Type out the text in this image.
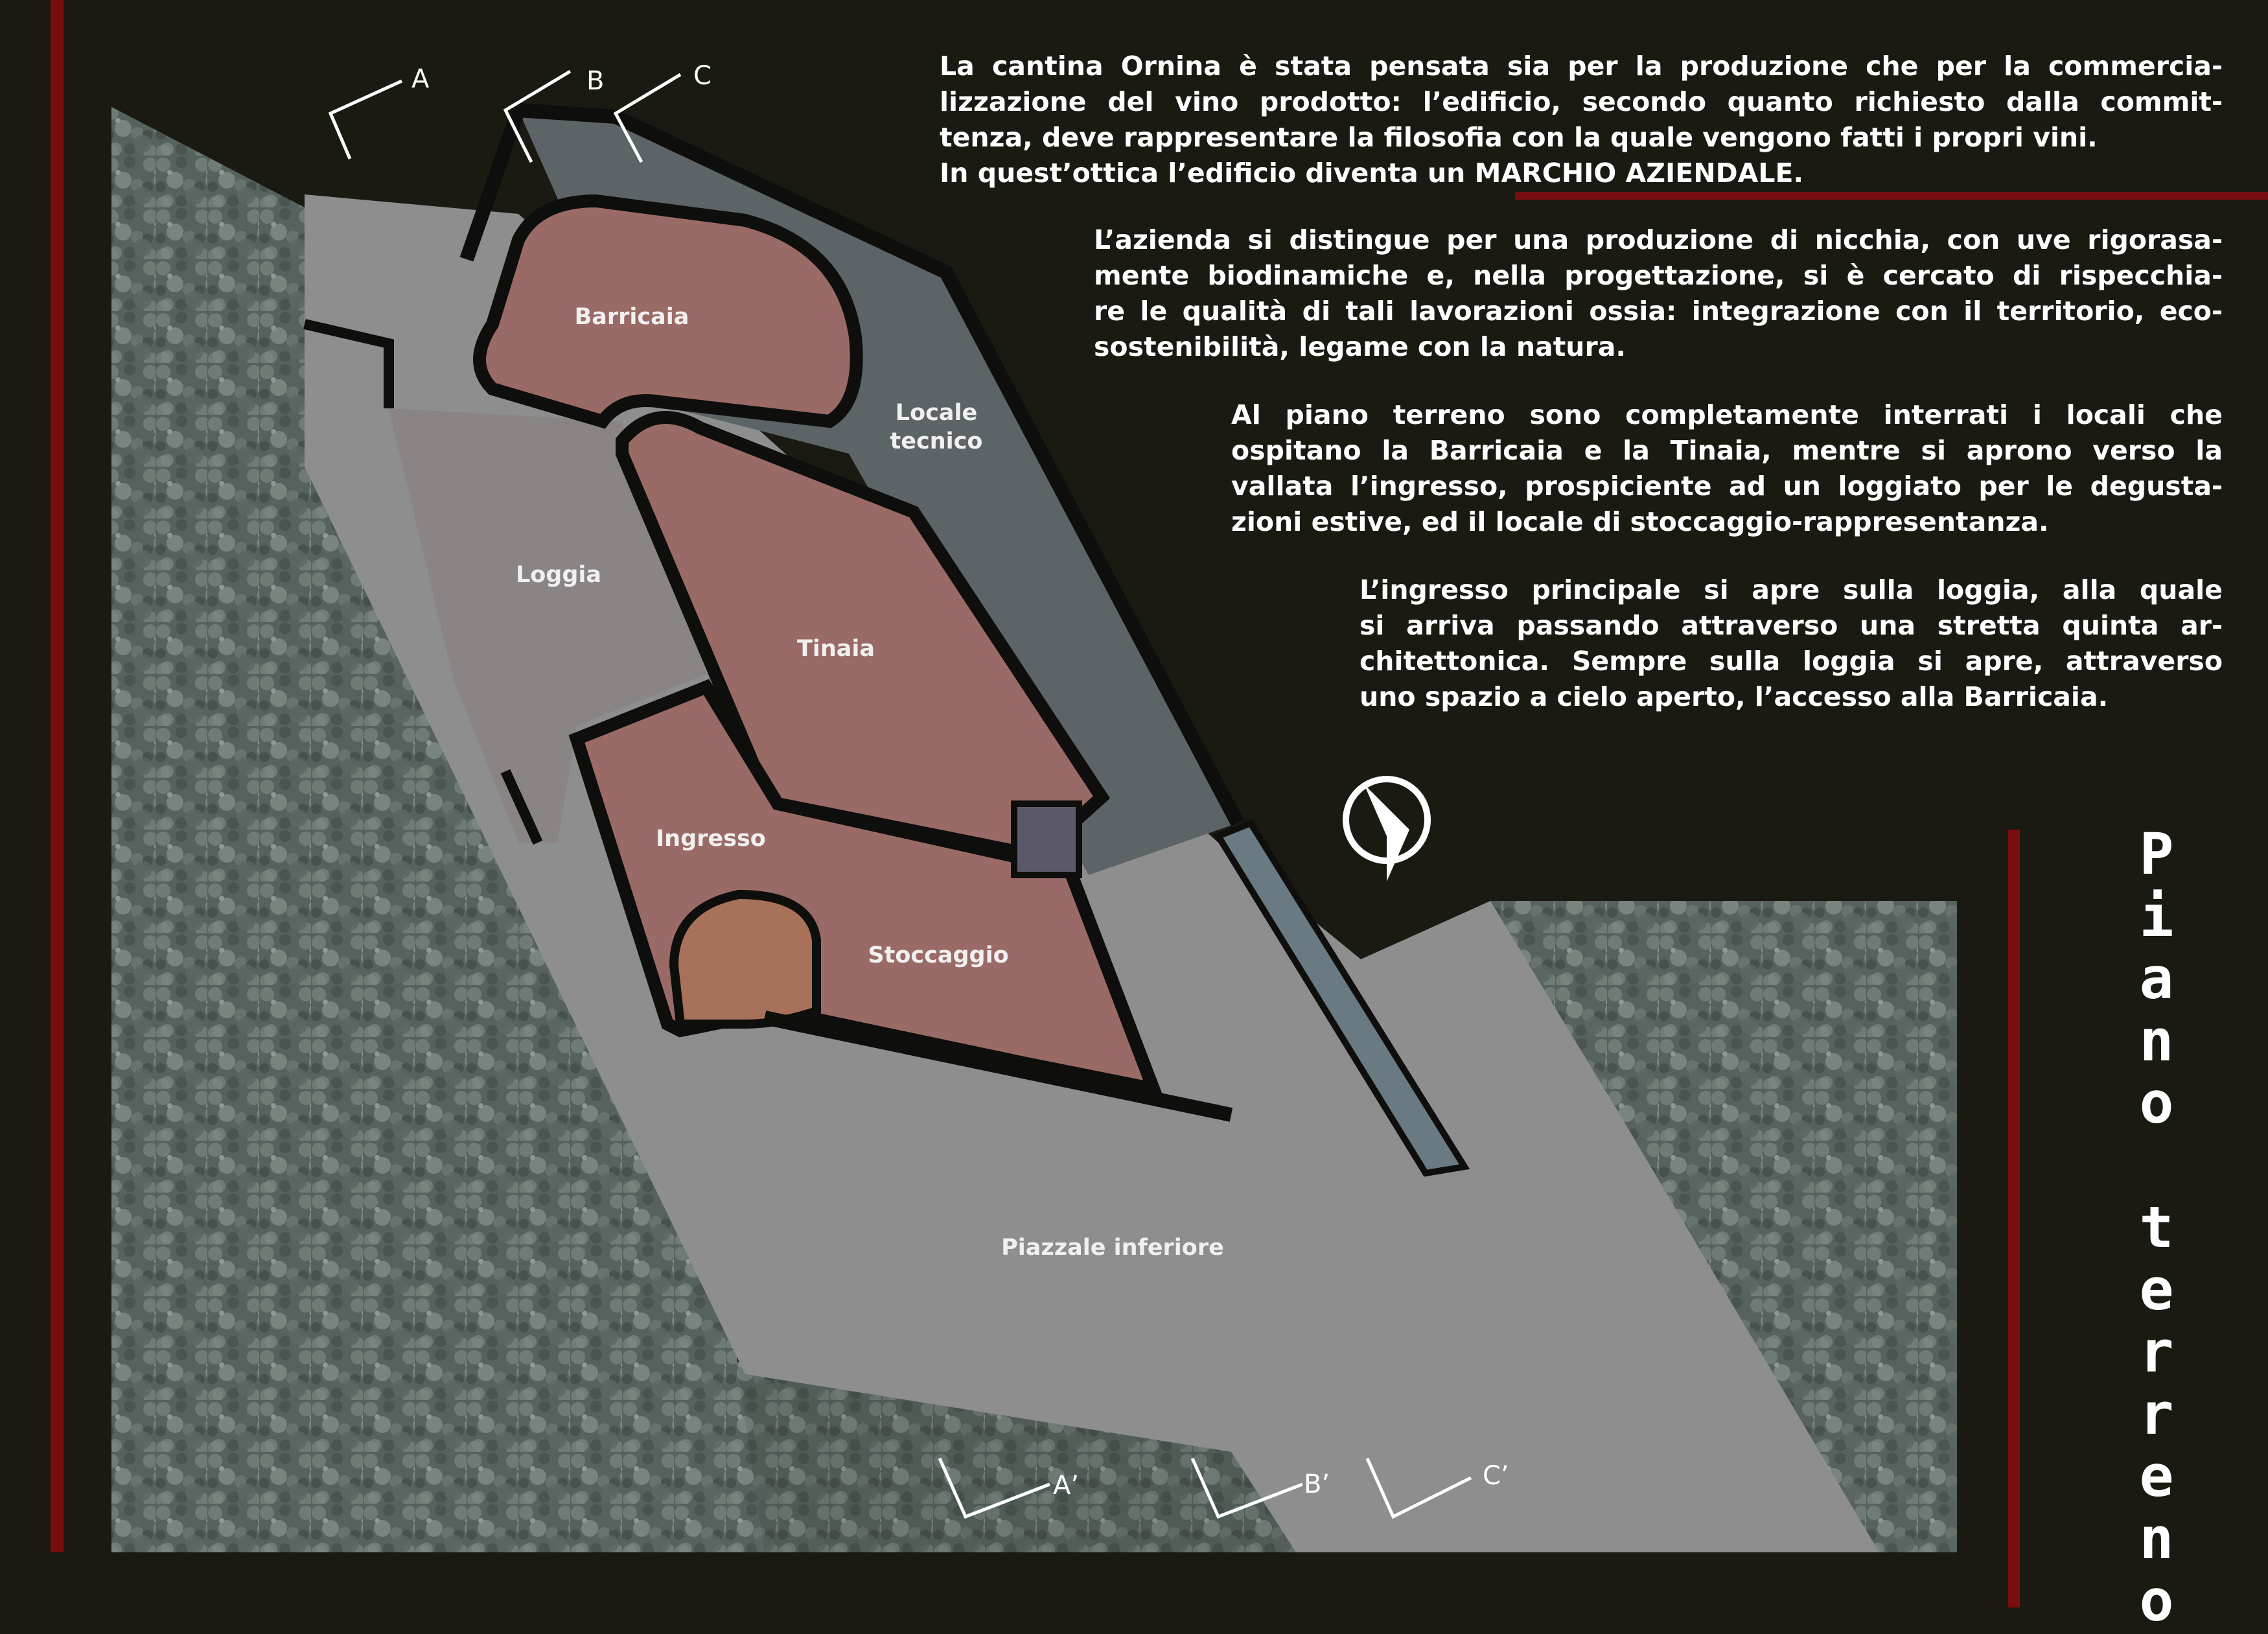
Barricaia
Locale
tecnico
Loggia
Tinaia
Ingresso
Stoccaggio
Piazzale inferiore
A	B	C
A’	B’	C’
La cantina Ornina è stata pensata sia per la produzione che per la commercia-
lizzazione del vino prodotto: l’edificio, secondo quanto richiesto dalla commit-
tenza, deve rappresentare la filosofia con la quale vengono fatti i propri vini.
In quest’ottica l’edificio diventa un MARCHIO AZIENDALE.
L’azienda si distingue per una produzione di nicchia, con uve rigorasa-
mente biodinamiche e, nella progettazione, si è cercato di rispecchia-
re le qualità di tali lavorazioni ossia: integrazione con il territorio, eco-
sostenibilità, legame con la natura.
Al piano terreno sono completamente interrati i locali che
ospitano la Barricaia e la Tinaia, mentre si aprono verso la
vallata l’ingresso, prospiciente ad un loggiato per le degusta-
zioni estive, ed il locale di stoccaggio-rappresentanza.
L’ingresso principale si apre sulla loggia, alla quale
si arriva passando attraverso una stretta quinta ar-
chitettonica. Sempre sulla loggia si apre, attraverso
uno spazio a cielo aperto, l’accesso alla Barricaia.
P
i
a
n
o

t
e
r
r
e
n
o
